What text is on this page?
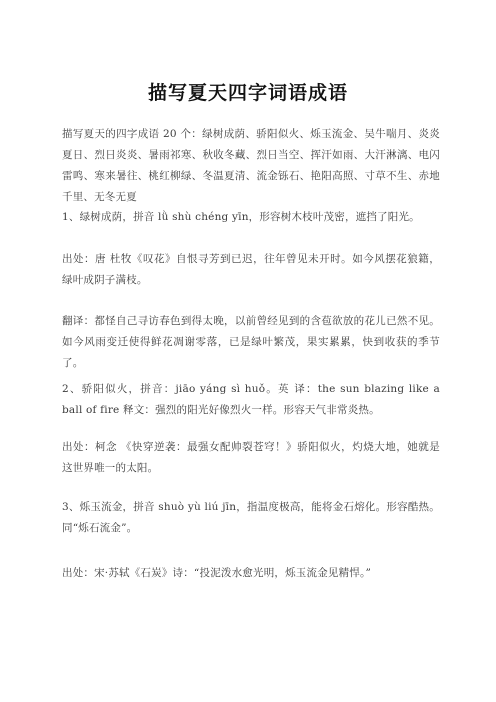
描写夏天四字词语成语
描写夏天的四字成语 20 个：绿树成荫、骄阳似火、烁玉流金、吴牛喘月、炎炎夏日、烈日炎炎、暑雨祁寒、秋收冬藏、烈日当空、挥汗如雨、大汗淋漓、电闪雷鸣、寒来暑往、桃红柳绿、冬温夏清、流金铄石、艳阳高照、寸草不生、赤地千里、无冬无夏
1、绿树成荫，拼音 lǜ shù chéng yīn，形容树木枝叶茂密，遮挡了阳光。
出处：唐 杜牧《叹花》自恨寻芳到已迟，往年曾见未开时。如今风摆花狼籍，绿叶成阴子满枝。
翻译：都怪自己寻访春色到得太晚，以前曾经见到的含苞欲放的花儿已然不见。如今风雨变迁使得鲜花凋谢零落，已是绿叶繁茂，果实累累，快到收获的季节了。
2、骄阳似火，拼音：jiāo yáng sì huǒ。英 译：the sun blazing like a ball of fire 释文：强烈的阳光好像烈火一样。形容天气非常炎热。
出处：柯念 《快穿逆袭：最强女配帅裂苍穹！》骄阳似火，灼烧大地，她就是这世界唯一的太阳。
3、烁玉流金，拼音 shuò yù liú jīn，指温度极高，能将金石熔化。形容酷热。同“烁石流金”。
出处：宋·苏轼《石炭》诗：“投泥泼水愈光明，烁玉流金见精悍。”
